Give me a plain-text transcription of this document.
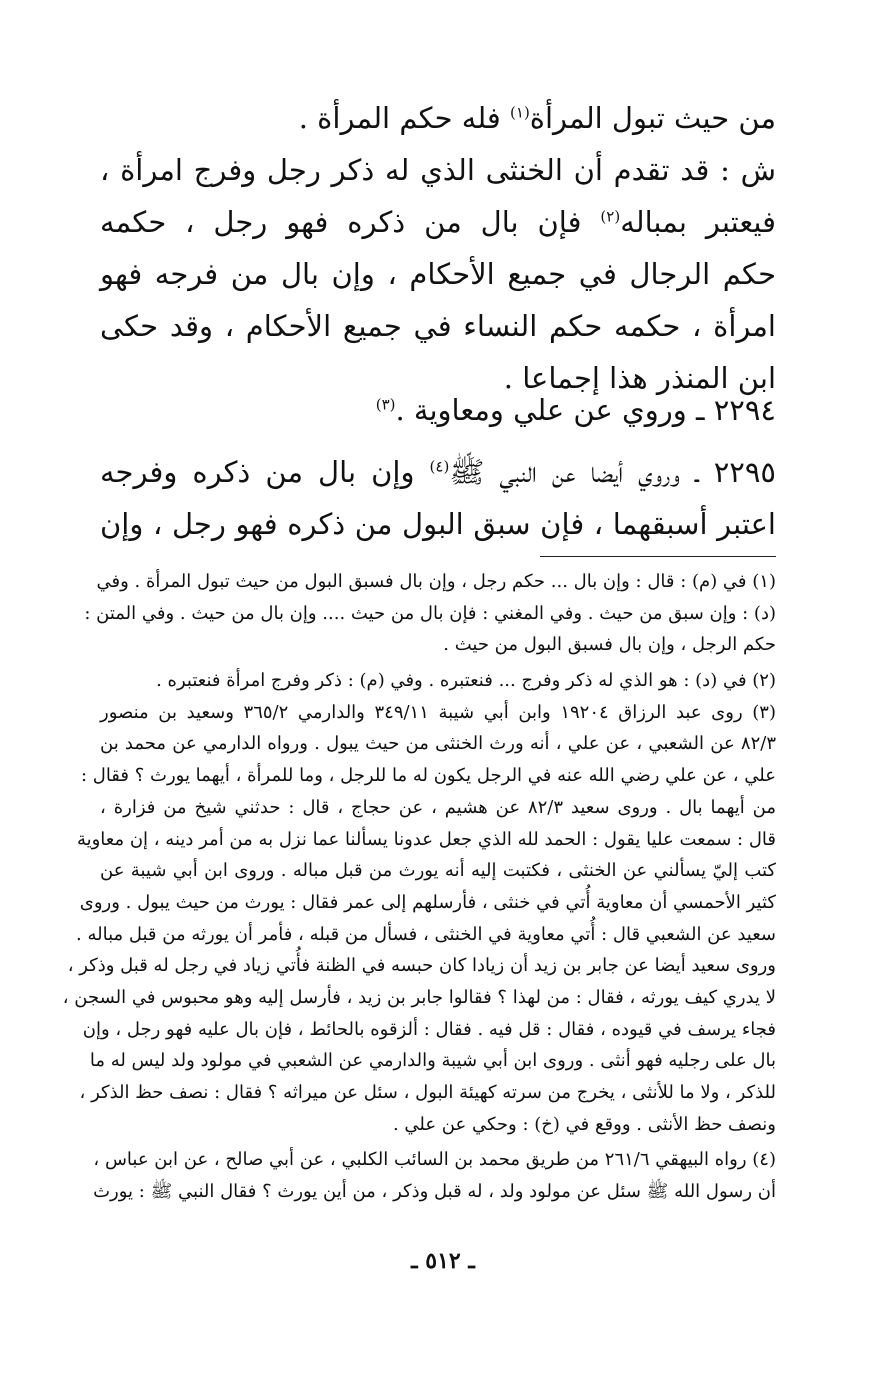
من حيث تبول المرأة$^{(١)}$ فله حكم المرأة .
ش : قد تقدم أن الخنثى الذي له ذكر رجل وفرج امرأة ،
فيعتبر بمباله$^{(٢)}$ فإن بال من ذكره فهو رجل ، حكمه
حكم الرجال في جميع الأحكام ، وإن بال من فرجه فهو
امرأة ، حكمه حكم النساء في جميع الأحكام ، وقد حكى
ابن المنذر هذا إجماعا .
٢٢٩٤ ـ وروي عن علي ومعاوية .$^{(٣)}$
٢٢٩٥ ـ وروي أيضا عن النبي ﷺ$^{(٤)}$ وإن بال من ذكره وفرجه
اعتبر أسبقهما ، فإن سبق البول من ذكره فهو رجل ، وإن
(١) في (م) : قال : وإن بال ... حكم رجل ، وإن بال فسبق البول من حيث تبول المرأة . وفي
(د) : وإن سبق من حيث . وفي المغني : فإن بال من حيث .... وإن بال من حيث . وفي المتن :
حكم الرجل ، وإن بال فسبق البول من حيث .
(٢) في (د) : هو الذي له ذكر وفرج ... فنعتبره . وفي (م) : ذكر وفرج امرأة فنعتبره .
(٣) روى عبد الرزاق ١٩٢٠٤ وابن أبي شيبة ٣٤٩/١١ والدارمي ٣٦٥/٢ وسعيد بن منصور
٨٢/٣ عن الشعبي ، عن علي ، أنه ورث الخنثى من حيث يبول . ورواه الدارمي عن محمد بن
علي ، عن علي رضي الله عنه في الرجل يكون له ما للرجل ، وما للمرأة ، أيهما يورث ؟ فقال :
من أيهما بال . وروى سعيد ٨٢/٣ عن هشيم ، عن حجاج ، قال : حدثني شيخ من فزارة ،
قال : سمعت عليا يقول : الحمد لله الذي جعل عدونا يسألنا عما نزل به من أمر دينه ، إن معاوية
كتب إليّ يسألني عن الخنثى ، فكتبت إليه أنه يورث من قبل مباله . وروى ابن أبي شيبة عن
كثير الأحمسي أن معاوية أُتي في خنثى ، فأرسلهم إلى عمر فقال : يورث من حيث يبول . وروى
سعيد عن الشعبي قال : أُتي معاوية في الخنثى ، فسأل من قبله ، فأمر أن يورثه من قبل مباله .
وروى سعيد أيضا عن جابر بن زيد أن زيادا كان حبسه في الظنة فأُتي زياد في رجل له قبل وذكر ،
لا يدري كيف يورثه ، فقال : من لهذا ؟ فقالوا جابر بن زيد ، فأرسل إليه وهو محبوس في السجن ،
فجاء يرسف في قيوده ، فقال : قل فيه . فقال : ألزقوه بالحائط ، فإن بال عليه فهو رجل ، وإن
بال على رجليه فهو أنثى . وروى ابن أبي شيبة والدارمي عن الشعبي في مولود ولد ليس له ما
للذكر ، ولا ما للأنثى ، يخرج من سرته كهيئة البول ، سئل عن ميراثه ؟ فقال : نصف حظ الذكر ،
ونصف حظ الأنثى . ووقع في (خ) : وحكي عن علي .
(٤) رواه البيهقي ٢٦١/٦ من طريق محمد بن السائب الكلبي ، عن أبي صالح ، عن ابن عباس ،
أن رسول الله ﷺ سئل عن مولود ولد ، له قبل وذكر ، من أين يورث ؟ فقال النبي ﷺ : يورث
ـ ٥١٢ ـ
